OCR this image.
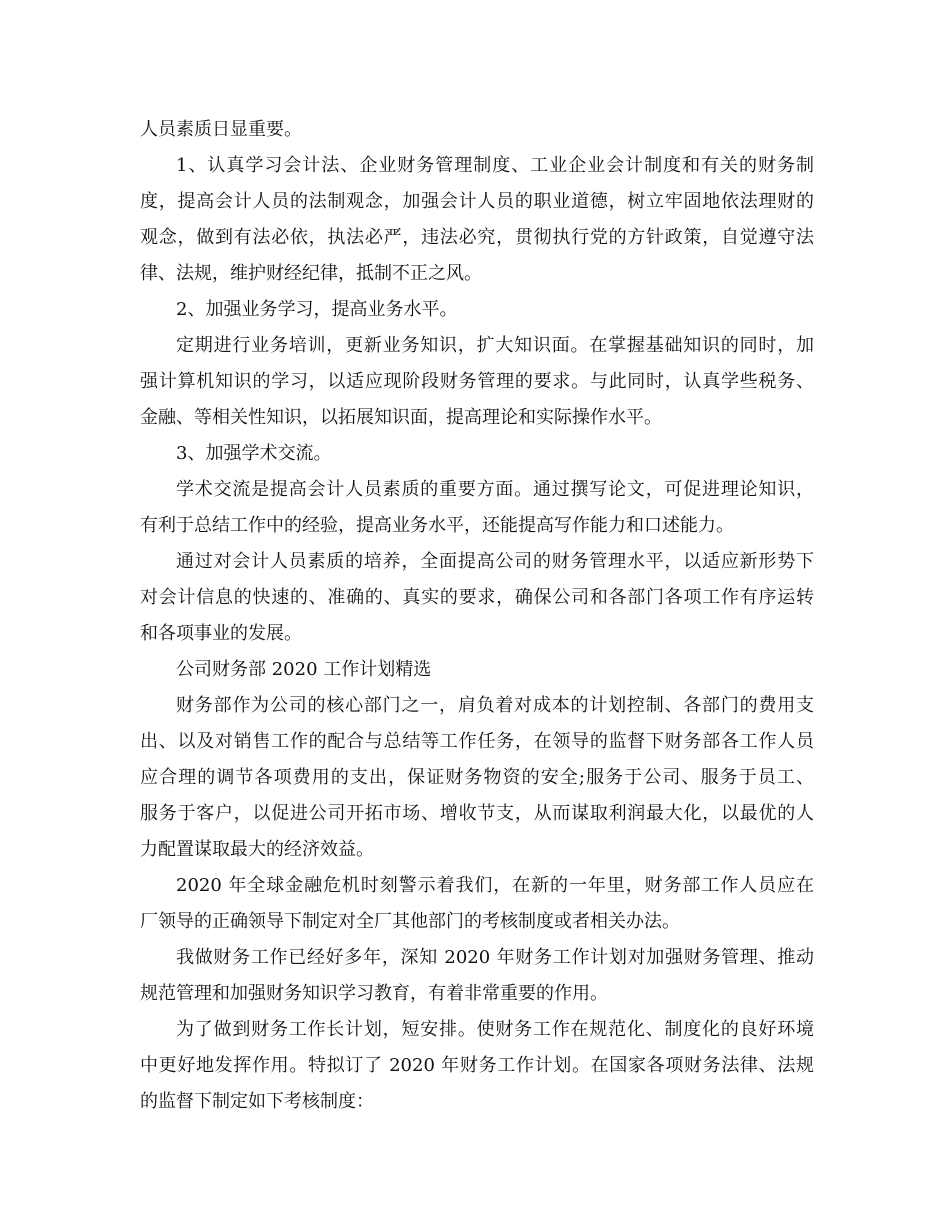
人员素质日显重要。
1、认真学习会计法、企业财务管理制度、工业企业会计制度和有关的财务制
度，提高会计人员的法制观念，加强会计人员的职业道德，树立牢固地依法理财的
观念，做到有法必依，执法必严，违法必究，贯彻执行党的方针政策，自觉遵守法
律、法规，维护财经纪律，抵制不正之风。
2、加强业务学习，提高业务水平。
定期进行业务培训，更新业务知识，扩大知识面。在掌握基础知识的同时，加
强计算机知识的学习，以适应现阶段财务管理的要求。与此同时，认真学些税务、
金融、等相关性知识，以拓展知识面，提高理论和实际操作水平。
3、加强学术交流。
学术交流是提高会计人员素质的重要方面。通过撰写论文，可促进理论知识，
有利于总结工作中的经验，提高业务水平，还能提高写作能力和口述能力。
通过对会计人员素质的培养，全面提高公司的财务管理水平，以适应新形势下
对会计信息的快速的、准确的、真实的要求，确保公司和各部门各项工作有序运转
和各项事业的发展。
公司财务部 2020 工作计划精选
财务部作为公司的核心部门之一，肩负着对成本的计划控制、各部门的费用支
出、以及对销售工作的配合与总结等工作任务，在领导的监督下财务部各工作人员
应合理的调节各项费用的支出，保证财务物资的安全;服务于公司、服务于员工、
服务于客户，以促进公司开拓市场、增收节支，从而谋取利润最大化，以最优的人
力配置谋取最大的经济效益。
2020 年全球金融危机时刻警示着我们，在新的一年里，财务部工作人员应在
厂领导的正确领导下制定对全厂其他部门的考核制度或者相关办法。
我做财务工作已经好多年，深知 2020 年财务工作计划对加强财务管理、推动
规范管理和加强财务知识学习教育，有着非常重要的作用。
为了做到财务工作长计划，短安排。使财务工作在规范化、制度化的良好环境
中更好地发挥作用。特拟订了 2020 年财务工作计划。在国家各项财务法律、法规
的监督下制定如下考核制度：
